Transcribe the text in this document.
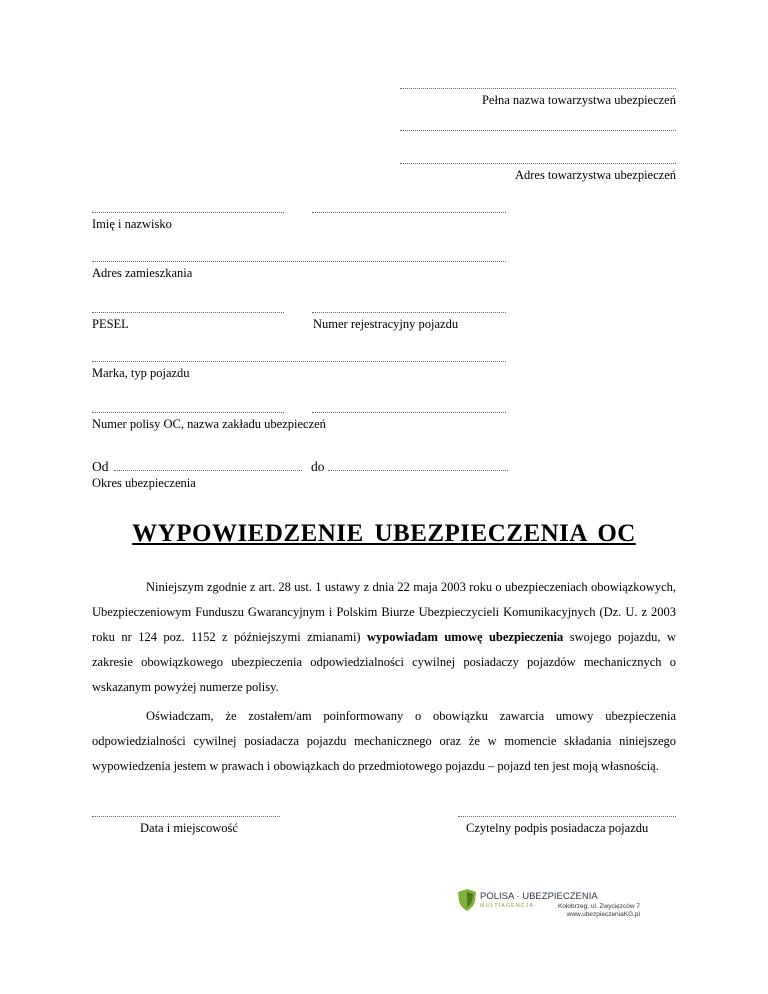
Pełna nazwa towarzystwa ubezpieczeń
Adres towarzystwa ubezpieczeń
Imię i nazwisko
Adres zamieszkania
PESEL	Numer rejestracyjny pojazdu
Marka, typ pojazdu
Numer polisy OC, nazwa zakładu ubezpieczeń
Od	do
Okres ubezpieczenia
WYPOWIEDZENIE UBEZPIECZENIA OC
Niniejszym zgodnie z art. 28 ust. 1 ustawy z dnia 22 maja 2003 roku o ubezpieczeniach obowiązkowych, Ubezpieczeniowym Funduszu Gwarancyjnym i Polskim Biurze Ubezpieczycieli Komunikacyjnych (Dz. U. z 2003 roku nr 124 poz. 1152 z późniejszymi zmianami) wypowiadam umowę ubezpieczenia swojego pojazdu, w zakresie obowiązkowego ubezpieczenia odpowiedzialności cywilnej posiadaczy pojazdów mechanicznych o wskazanym powyżej numerze polisy.
Oświadczam, że zostałem/am poinformowany o obowiązku zawarcia umowy ubezpieczenia odpowiedzialności cywilnej posiadacza pojazdu mechanicznego oraz że w momencie składania niniejszego wypowiedzenia jestem w prawach i obowiązkach do przedmiotowego pojazdu – pojazd ten jest moją własnością.
Data i miejscowość	Czytelny podpis posiadacza pojazdu
POLISA · UBEZPIECZENIA
MULTIAGENCJA	Kołobrzeg, ul. Zwycięzców 7
www.ubezpieczeniaKG.pl
